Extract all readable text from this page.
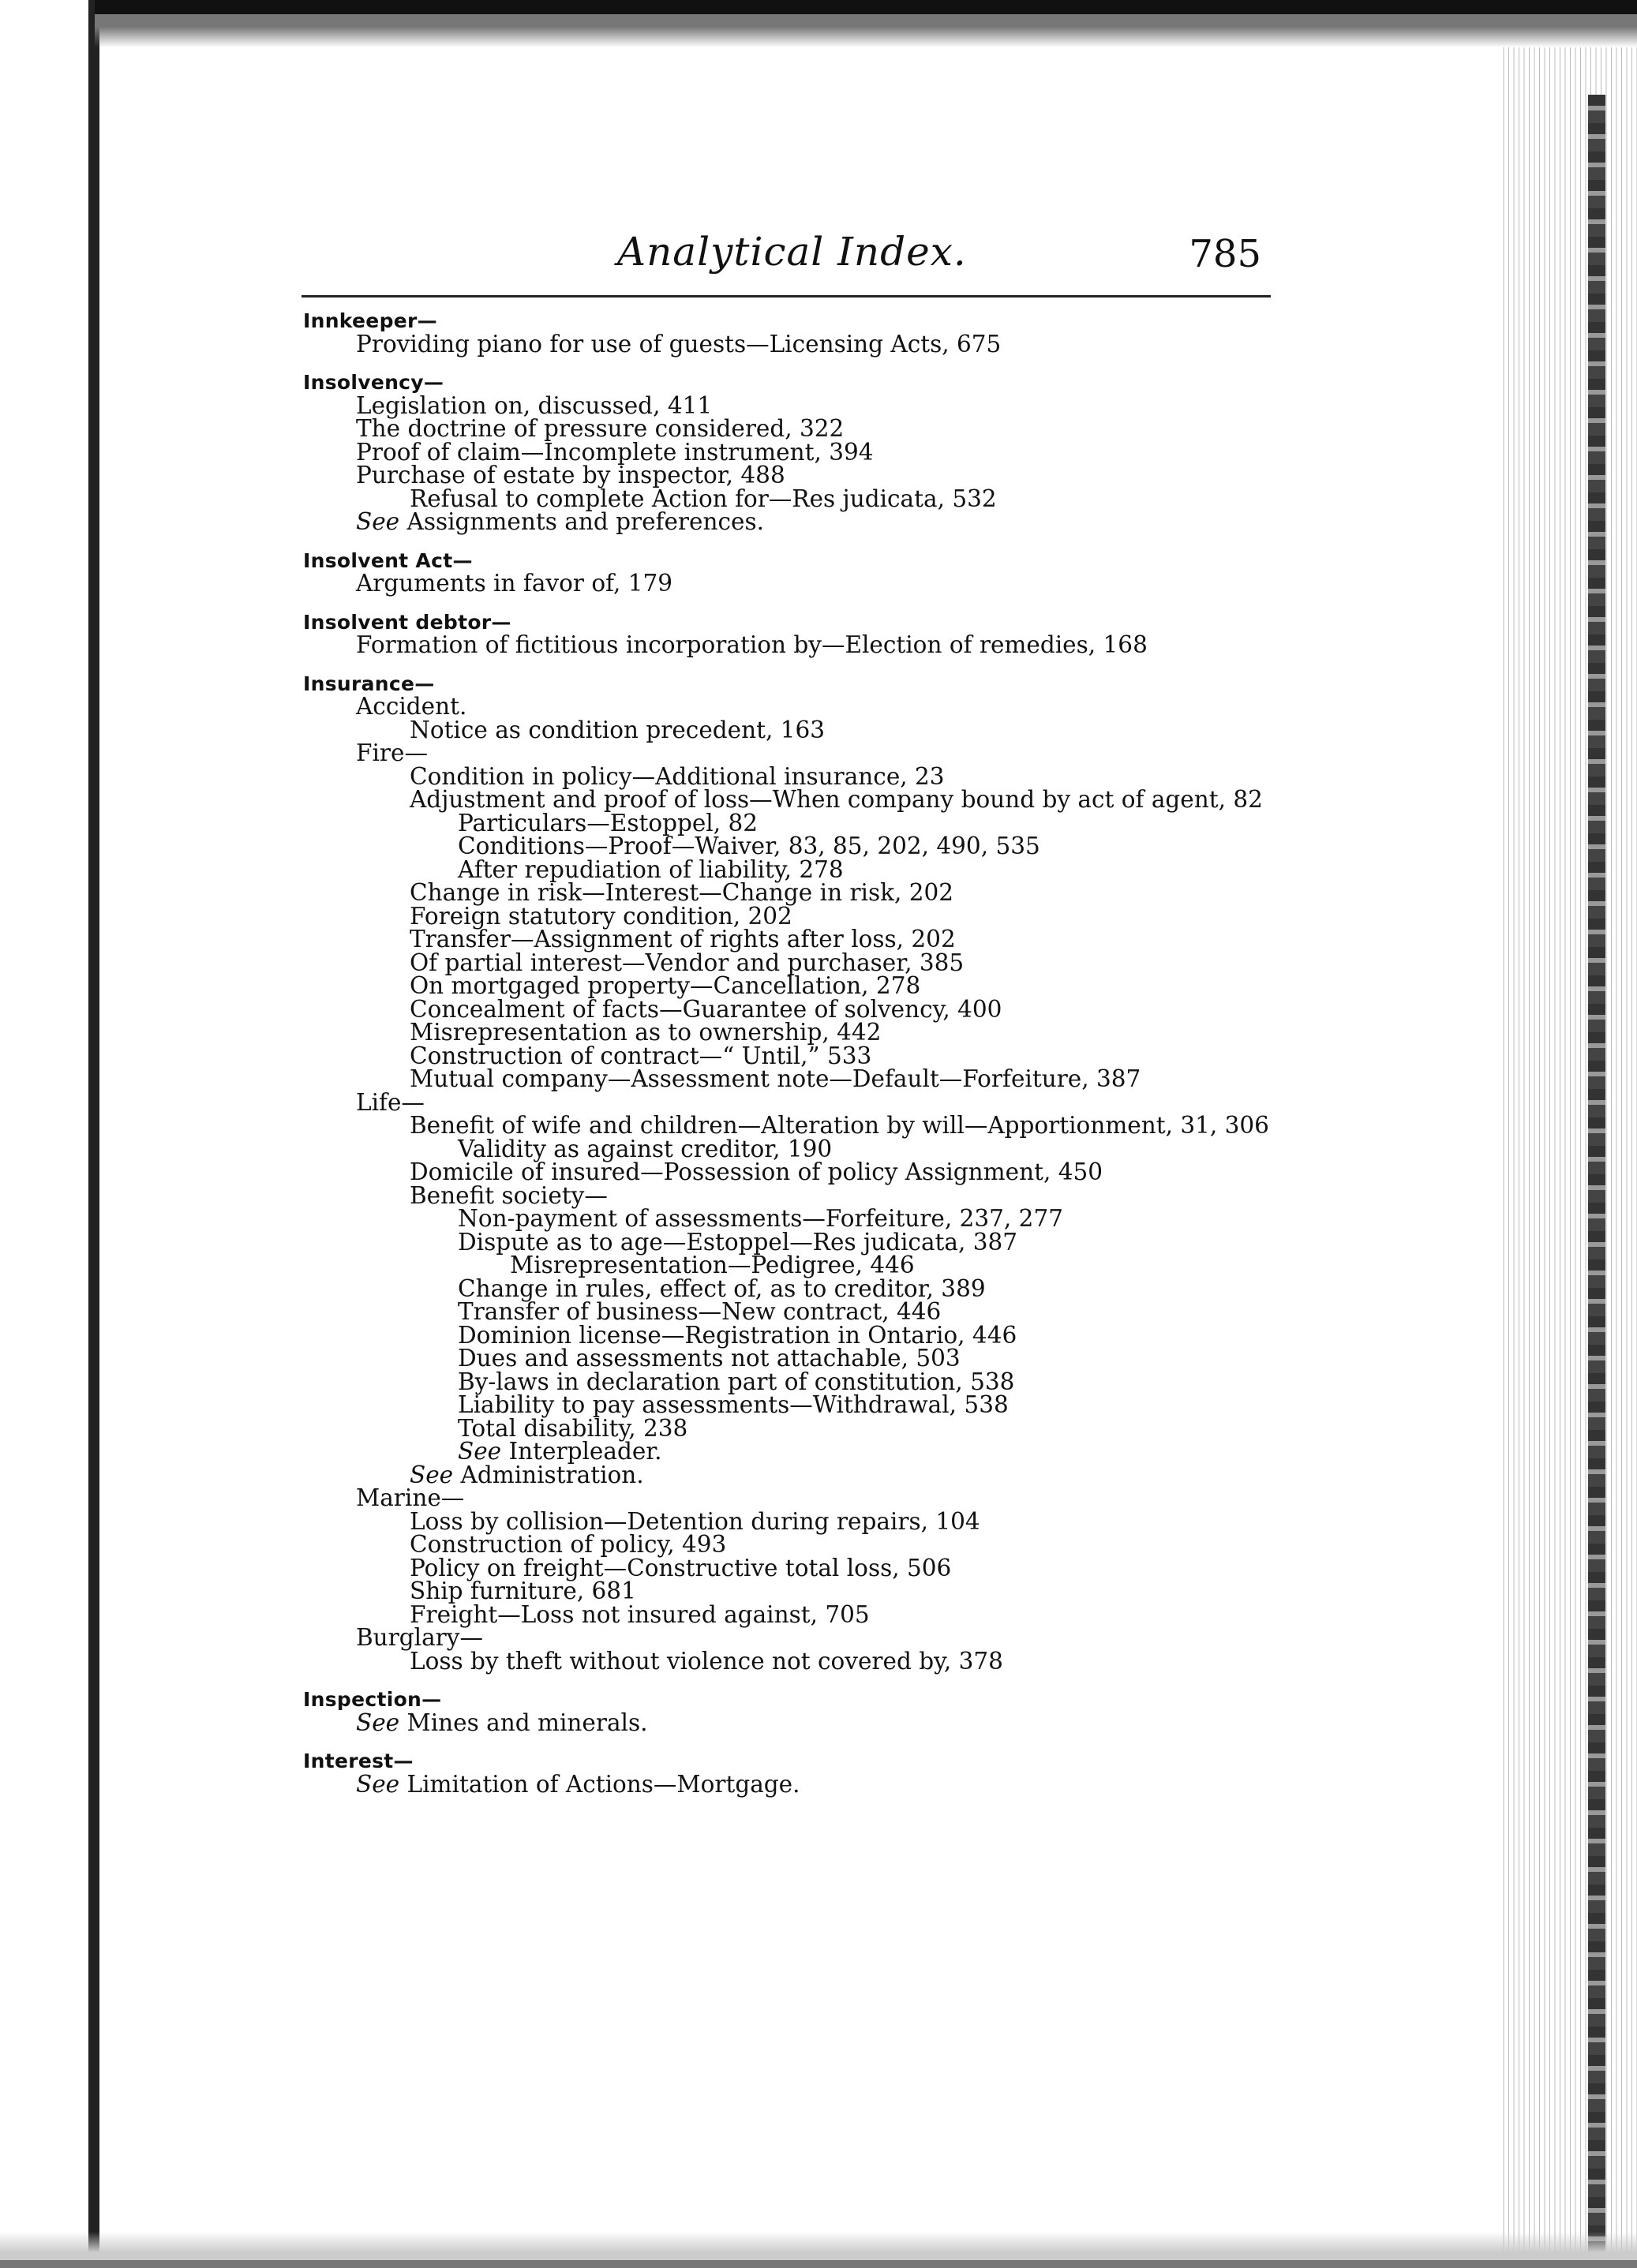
Analytical Index.	785
Innkeeper—
Providing piano for use of guests—Licensing Acts, 675
Insolvency—
Legislation on, discussed, 411
The doctrine of pressure considered, 322
Proof of claim—Incomplete instrument, 394
Purchase of estate by inspector, 488
Refusal to complete Action for—Res judicata, 532
See Assignments and preferences.
Insolvent Act—
Arguments in favor of, 179
Insolvent debtor—
Formation of fictitious incorporation by—Election of remedies, 168
Insurance—
Accident.
Notice as condition precedent, 163
Fire—
Condition in policy—Additional insurance, 23
Adjustment and proof of loss—When company bound by act of agent, 82
Particulars—Estoppel, 82
Conditions—Proof—Waiver, 83, 85, 202, 490, 535
After repudiation of liability, 278
Change in risk—Interest—Change in risk, 202
Foreign statutory condition, 202
Transfer—Assignment of rights after loss, 202
Of partial interest—Vendor and purchaser, 385
On mortgaged property—Cancellation, 278
Concealment of facts—Guarantee of solvency, 400
Misrepresentation as to ownership, 442
Construction of contract—“ Until,” 533
Mutual company—Assessment note—Default—Forfeiture, 387
Life—
Benefit of wife and children—Alteration by will—Apportionment, 31, 306
Validity as against creditor, 190
Domicile of insured—Possession of policy Assignment, 450
Benefit society—
Non-payment of assessments—Forfeiture, 237, 277
Dispute as to age—Estoppel—Res judicata, 387
Misrepresentation—Pedigree, 446
Change in rules, effect of, as to creditor, 389
Transfer of business—New contract, 446
Dominion license—Registration in Ontario, 446
Dues and assessments not attachable, 503
By-laws in declaration part of constitution, 538
Liability to pay assessments—Withdrawal, 538
Total disability, 238
See Interpleader.
See Administration.
Marine—
Loss by collision—Detention during repairs, 104
Construction of policy, 493
Policy on freight—Constructive total loss, 506
Ship furniture, 681
Freight—Loss not insured against, 705
Burglary—
Loss by theft without violence not covered by, 378
Inspection—
See Mines and minerals.
Interest—
See Limitation of Actions—Mortgage.
